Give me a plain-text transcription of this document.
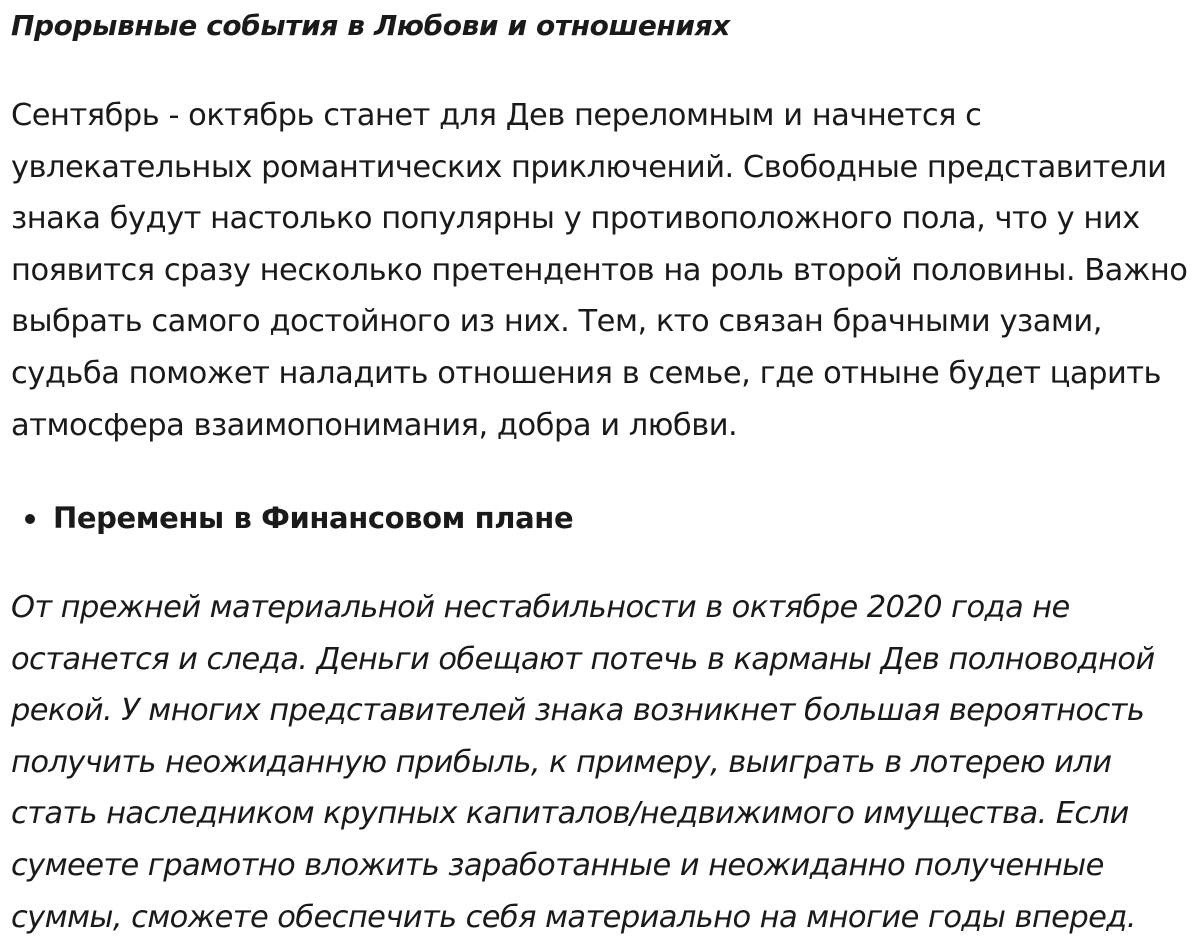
Прорывные события в Любови и отношениях

Сентябрь - октябрь станет для Дев переломным и начнется с
увлекательных романтических приключений. Свободные представители
знака будут настолько популярны у противоположного пола, что у них
появится сразу несколько претендентов на роль второй половины. Важно
выбрать самого достойного из них. Тем, кто связан брачными узами,
судьба поможет наладить отношения в семье, где отныне будет царить
атмосфера взаимопонимания, добра и любви.

Перемены в Финансовом плане

От прежней материальной нестабильности в октябре 2020 года не
останется и следа. Деньги обещают потечь в карманы Дев полноводной
рекой. У многих представителей знака возникнет большая вероятность
получить неожиданную прибыль, к примеру, выиграть в лотерею или
стать наследником крупных капиталов/недвижимого имущества. Если
сумеете грамотно вложить заработанные и неожиданно полученные
суммы, сможете обеспечить себя материально на многие годы вперед.
